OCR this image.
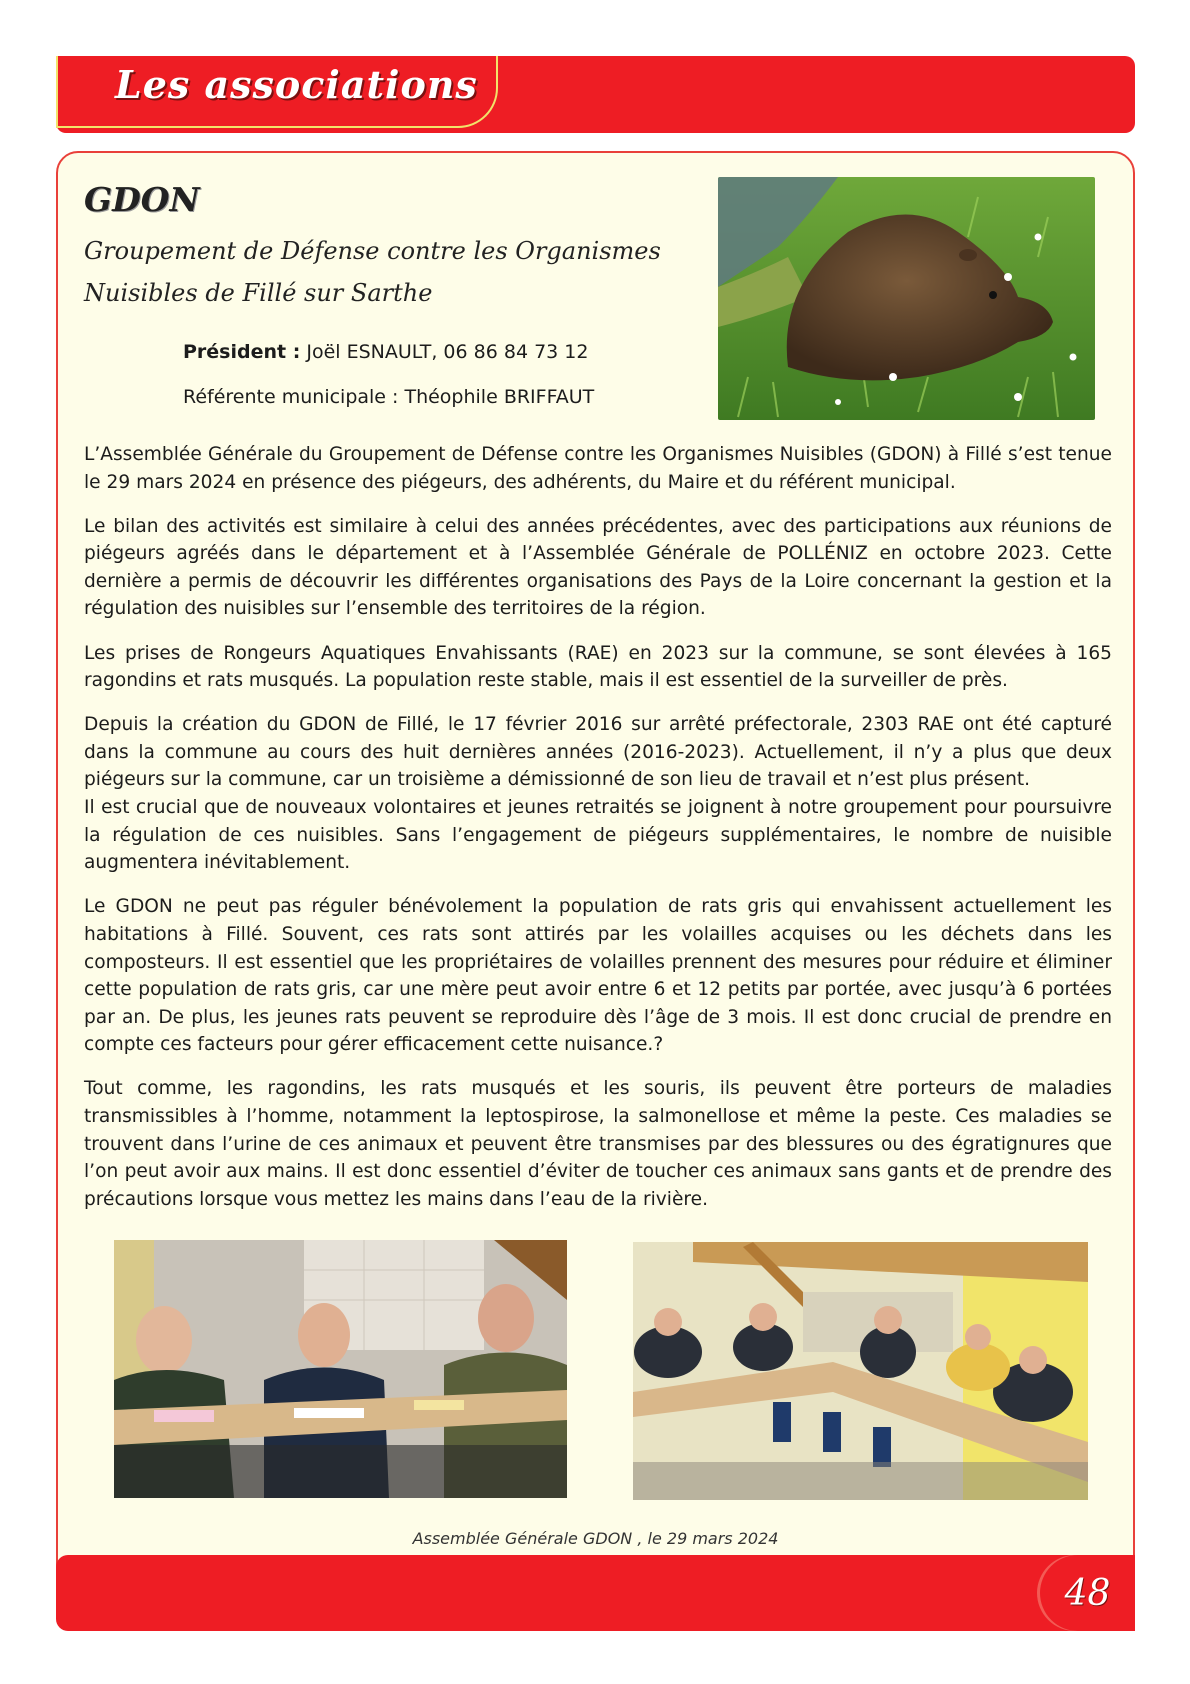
Les associations
GDON
Groupement de Défense contre les Organismes
Nuisibles de Fillé sur Sarthe
Président : Joël ESNAULT, 06 86 84 73 12
Référente municipale : Théophile BRIFFAUT

L’Assemblée Générale du Groupement de Défense contre les Organismes Nuisibles (GDON) à Fillé s’est tenue le 29 mars 2024 en présence des piégeurs, des adhérents, du Maire et du référent municipal.

Le bilan des activités est similaire à celui des années précédentes, avec des participations aux réunions de piégeurs agréés dans le département et à l’Assemblée Générale de POLLÉNIZ en octobre 2023. Cette dernière a permis de découvrir les différentes organisations des Pays de la Loire concernant la gestion et la régulation des nuisibles sur l’ensemble des territoires de la région.

Les prises de Rongeurs Aquatiques Envahissants (RAE) en 2023 sur la commune, se sont élevées à 165 ragondins et rats musqués. La population reste stable, mais il est essentiel de la surveiller de près.

Depuis la création du GDON de Fillé, le 17 février 2016 sur arrêté préfectorale, 2303 RAE ont été capturé dans la commune au cours des huit dernières années (2016-2023). Actuellement, il n’y a plus que deux piégeurs sur la commune, car un troisième a démissionné de son lieu de travail et n’est plus présent.

Il est crucial que de nouveaux volontaires et jeunes retraités se joignent à notre groupement pour poursuivre la régulation de ces nuisibles. Sans l’engagement de piégeurs supplémentaires, le nombre de nuisible augmentera inévitablement.

Le GDON ne peut pas réguler bénévolement la population de rats gris qui envahissent actuellement les habitations à Fillé. Souvent, ces rats sont attirés par les volailles acquises ou les déchets dans les composteurs. Il est essentiel que les propriétaires de volailles prennent des mesures pour réduire et éliminer cette population de rats gris, car une mère peut avoir entre 6 et 12 petits par portée, avec jusqu’à 6 portées par an. De plus, les jeunes rats peuvent se reproduire dès l’âge de 3 mois. Il est donc crucial de prendre en compte ces facteurs pour gérer efficacement cette nuisance.?

Tout comme, les ragondins, les rats musqués et les souris, ils peuvent être porteurs de maladies transmissibles à l’homme, notamment la leptospirose, la salmonellose et même la peste. Ces maladies se trouvent dans l’urine de ces animaux et peuvent être transmises par des blessures ou des égratignures que l’on peut avoir aux mains. Il est donc essentiel d’éviter de toucher ces animaux sans gants et de prendre des précautions lorsque vous mettez les mains dans l’eau de la rivière.

Assemblée Générale GDON , le 29 mars 2024
48
